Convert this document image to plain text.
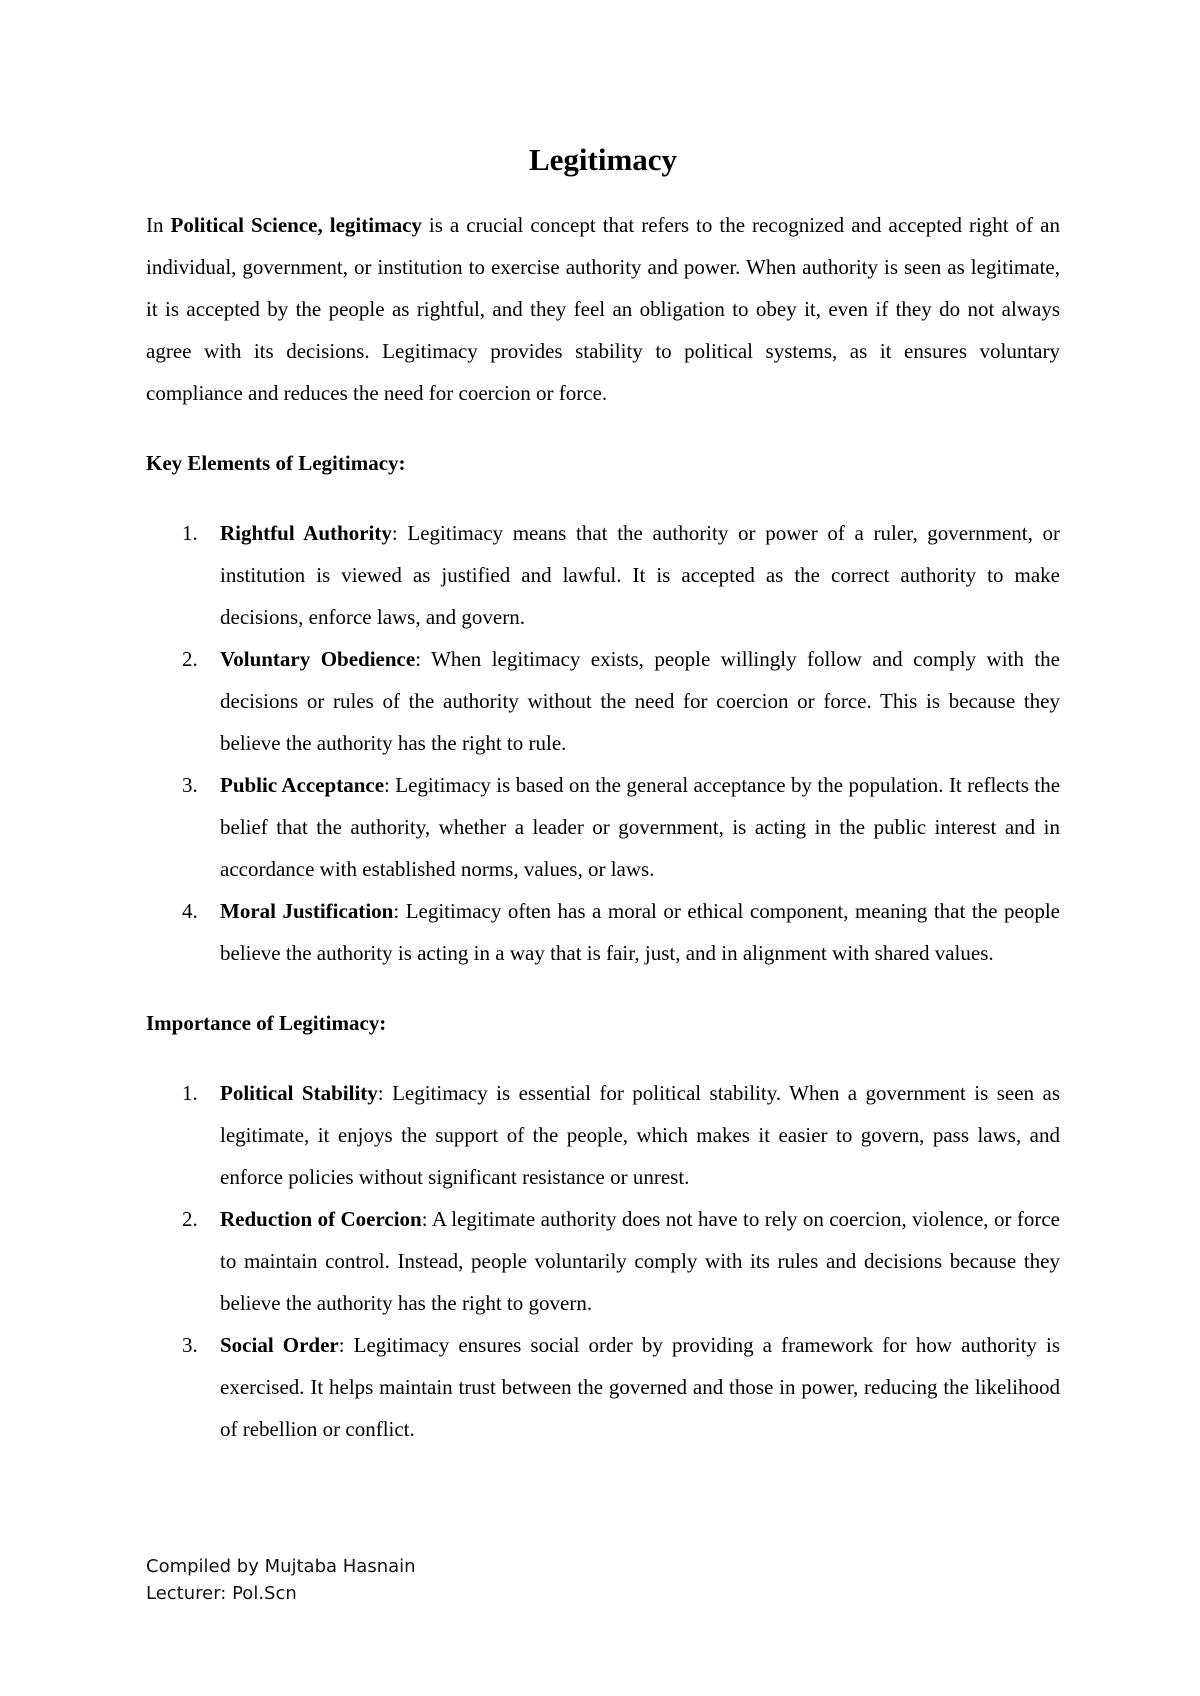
Legitimacy

In Political Science, legitimacy is a crucial concept that refers to the recognized and accepted right of an individual, government, or institution to exercise authority and power. When authority is seen as legitimate, it is accepted by the people as rightful, and they feel an obligation to obey it, even if they do not always agree with its decisions. Legitimacy provides stability to political systems, as it ensures voluntary compliance and reduces the need for coercion or force.

Key Elements of Legitimacy:
1. Rightful Authority: Legitimacy means that the authority or power of a ruler, government, or institution is viewed as justified and lawful. It is accepted as the correct authority to make decisions, enforce laws, and govern.
2. Voluntary Obedience: When legitimacy exists, people willingly follow and comply with the decisions or rules of the authority without the need for coercion or force. This is because they believe the authority has the right to rule.
3. Public Acceptance: Legitimacy is based on the general acceptance by the population. It reflects the belief that the authority, whether a leader or government, is acting in the public interest and in accordance with established norms, values, or laws.
4. Moral Justification: Legitimacy often has a moral or ethical component, meaning that the people believe the authority is acting in a way that is fair, just, and in alignment with shared values.
Importance of Legitimacy:
1. Political Stability: Legitimacy is essential for political stability. When a government is seen as legitimate, it enjoys the support of the people, which makes it easier to govern, pass laws, and enforce policies without significant resistance or unrest.
2. Reduction of Coercion: A legitimate authority does not have to rely on coercion, violence, or force to maintain control. Instead, people voluntarily comply with its rules and decisions because they believe the authority has the right to govern.
3. Social Order: Legitimacy ensures social order by providing a framework for how authority is exercised. It helps maintain trust between the governed and those in power, reducing the likelihood of rebellion or conflict.
Compiled by Mujtaba Hasnain
Lecturer: Pol.Scn
